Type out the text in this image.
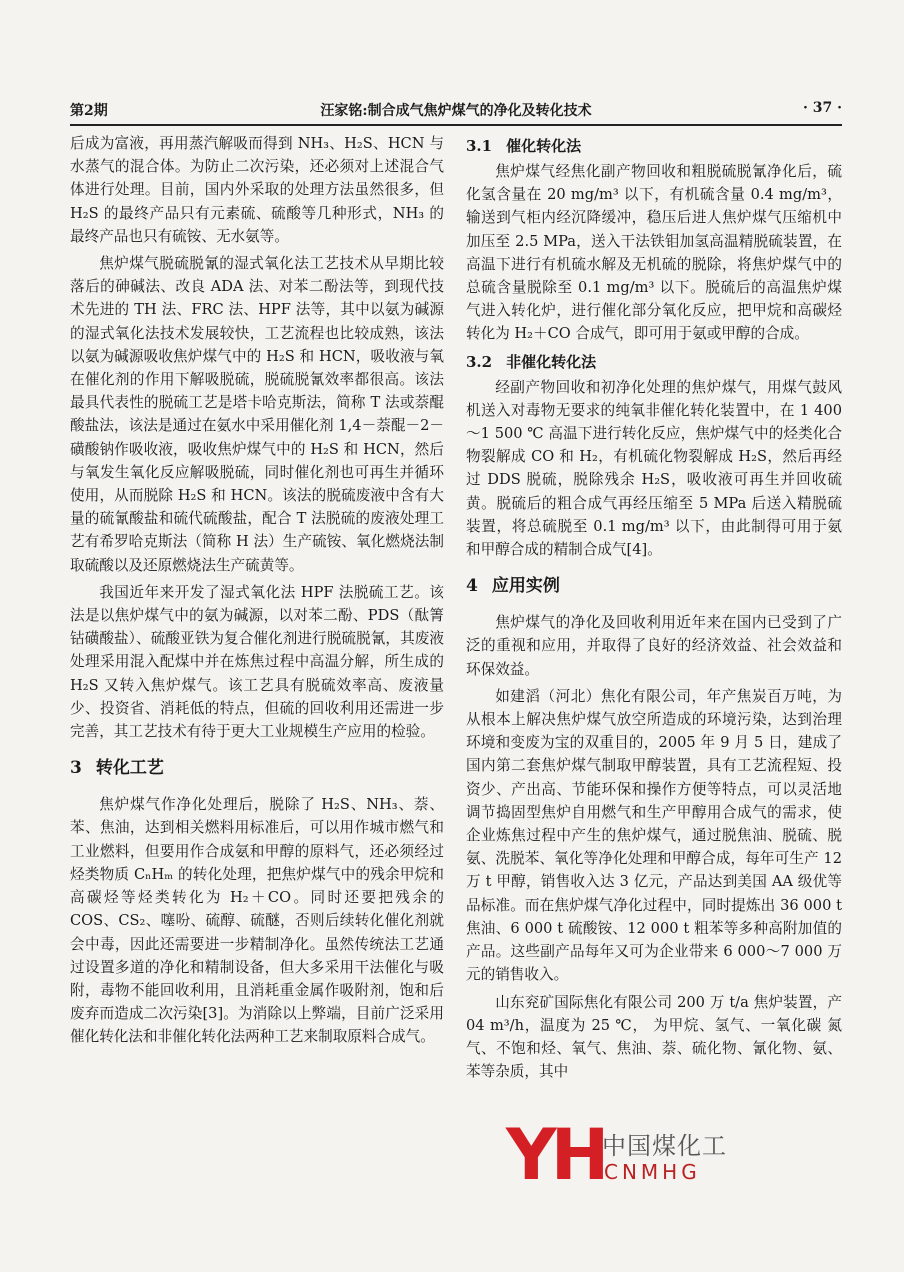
第2期	汪家铭:制合成气焦炉煤气的净化及转化技术	· 37 ·

后成为富液，再用蒸汽解吸而得到 NH₃、H₂S、HCN 与水蒸气的混合体。为防止二次污染，还必须对上述混合气体进行处理。目前，国内外采取的处理方法虽然很多，但 H₂S 的最终产品只有元素硫、硫酸等几种形式，NH₃ 的最终产品也只有硫铵、无水氨等。

焦炉煤气脱硫脱氰的湿式氧化法工艺技术从早期比较落后的砷碱法、改良 ADA 法、对苯二酚法等，到现代技术先进的 TH 法、FRC 法、HPF 法等，其中以氨为碱源的湿式氧化法技术发展较快，工艺流程也比较成熟，该法以氨为碱源吸收焦炉煤气中的 H₂S 和 HCN，吸收液与氧在催化剂的作用下解吸脱硫，脱硫脱氰效率都很高。该法最具代表性的脱硫工艺是塔卡哈克斯法，简称 T 法或萘醌酸盐法，该法是通过在氨水中采用催化剂 1,4－萘醌－2－磺酸钠作吸收液，吸收焦炉煤气中的 H₂S 和 HCN，然后与氧发生氧化反应解吸脱硫，同时催化剂也可再生并循环使用，从而脱除 H₂S 和 HCN。该法的脱硫废液中含有大量的硫氰酸盐和硫代硫酸盐，配合 T 法脱硫的废液处理工艺有希罗哈克斯法（简称 H 法）生产硫铵、氧化燃烧法制取硫酸以及还原燃烧法生产硫黄等。

我国近年来开发了湿式氧化法 HPF 法脱硫工艺。该法是以焦炉煤气中的氨为碱源，以对苯二酚、PDS（酞箐钴磺酸盐）、硫酸亚铁为复合催化剂进行脱硫脱氰，其废液处理采用混入配煤中并在炼焦过程中高温分解，所生成的 H₂S 又转入焦炉煤气。该工艺具有脱硫效率高、废液量少、投资省、消耗低的特点，但硫的回收利用还需进一步完善，其工艺技术有待于更大工业规模生产应用的检验。

3 转化工艺

焦炉煤气作净化处理后，脱除了 H₂S、NH₃、萘、苯、焦油，达到相关燃料用标准后，可以用作城市燃气和工业燃料，但要用作合成氨和甲醇的原料气，还必须经过烃类物质 CₙHₘ 的转化处理，把焦炉煤气中的残余甲烷和高碳烃等烃类转化为 H₂＋CO。同时还要把残余的 COS、CS₂、噻吩、硫醇、硫醚，否则后续转化催化剂就会中毒，因此还需要进一步精制净化。虽然传统法工艺通过设置多道的净化和精制设备，但大多采用干法催化与吸附，毒物不能回收利用，且消耗重金属作吸附剂，饱和后废弃而造成二次污染[3]。为消除以上弊端，目前广泛采用催化转化法和非催化转化法两种工艺来制取原料合成气。

3.1 催化转化法

焦炉煤气经焦化副产物回收和粗脱硫脱氰净化后，硫化氢含量在 20 mg/m³ 以下，有机硫含量 0.4 mg/m³，输送到气柜内经沉降缓冲，稳压后进人焦炉煤气压缩机中加压至 2.5 MPa，送入干法铁钼加氢高温精脱硫装置，在高温下进行有机硫水解及无机硫的脱除，将焦炉煤气中的总硫含量脱除至 0.1 mg/m³ 以下。脱硫后的高温焦炉煤气进入转化炉，进行催化部分氧化反应，把甲烷和高碳烃转化为 H₂＋CO 合成气，即可用于氨或甲醇的合成。

3.2 非催化转化法

经副产物回收和初净化处理的焦炉煤气，用煤气鼓风机送入对毒物无要求的纯氧非催化转化装置中，在 1 400～1 500 ℃ 高温下进行转化反应，焦炉煤气中的烃类化合物裂解成 CO 和 H₂，有机硫化物裂解成 H₂S，然后再经过 DDS 脱硫，脱除残余 H₂S，吸收液可再生并回收硫黄。脱硫后的粗合成气再经压缩至 5 MPa 后送入精脱硫装置，将总硫脱至 0.1 mg/m³ 以下，由此制得可用于氨和甲醇合成的精制合成气[4]。

4 应用实例

焦炉煤气的净化及回收利用近年来在国内已受到了广泛的重视和应用，并取得了良好的经济效益、社会效益和环保效益。

如建滔（河北）焦化有限公司，年产焦炭百万吨，为从根本上解决焦炉煤气放空所造成的环境污染，达到治理环境和变废为宝的双重目的，2005 年 9 月 5 日，建成了国内第二套焦炉煤气制取甲醇装置，具有工艺流程短、投资少、产出高、节能环保和操作方便等特点，可以灵活地调节捣固型焦炉自用燃气和生产甲醇用合成气的需求，使企业炼焦过程中产生的焦炉煤气，通过脱焦油、脱硫、脱氨、洗脱苯、氧化等净化处理和甲醇合成，每年可生产 12 万 t 甲醇，销售收入达 3 亿元，产品达到美国 AA 级优等品标准。而在焦炉煤气净化过程中，同时提炼出 36 000 t 焦油、6 000 t 硫酸铵、12 000 t 粗苯等多种高附加值的产品。这些副产品每年又可为企业带来 6 000～7 000 万元的销售收入。

山东兖矿国际焦化有限公司 200 万 t/a 焦炉装置，产 04 m³/h，温度为 25 ℃， 为甲烷、氢气、一氧化碳 氮气、不饱和烃、氧气、焦油、萘、硫化物、氰化物、氨、苯等杂质，其中

YH
中国煤化工
CNMHG
